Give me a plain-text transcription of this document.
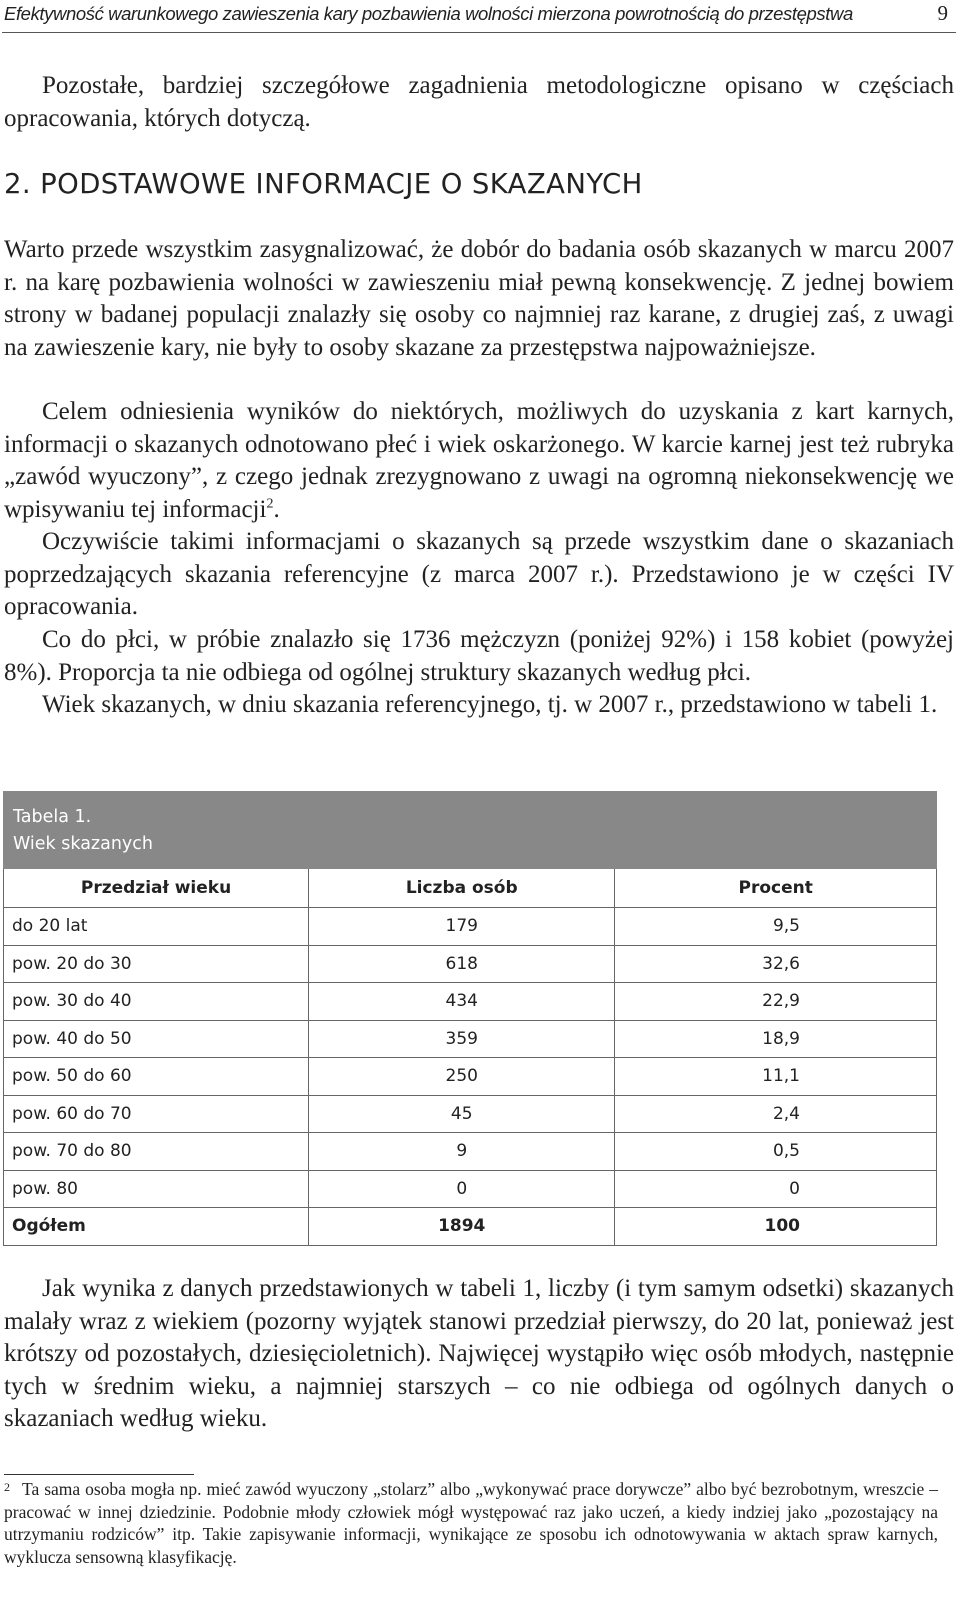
Efektywność warunkowego zawieszenia kary pozbawienia wolności mierzona powrotnością do przestępstwa	9

Pozostałe, bardziej szczegółowe zagadnienia metodologiczne opisano w częściach opracowania, których dotyczą.

2. PODSTAWOWE INFORMACJE O SKAZANYCH

Warto przede wszystkim zasygnalizować, że dobór do badania osób skazanych w marcu 2007 r. na karę pozbawienia wolności w zawieszeniu miał pewną konsekwencję. Z jednej bowiem strony w badanej populacji znalazły się osoby co najmniej raz karane, z drugiej zaś, z uwagi na zawieszenie kary, nie były to osoby skazane za przestępstwa najpoważniejsze.

Celem odniesienia wyników do niektórych, możliwych do uzyskania z kart karnych, informacji o skazanych odnotowano płeć i wiek oskarżonego. W karcie karnej jest też rubryka „zawód wyuczony”, z czego jednak zrezygnowano z uwagi na ogromną niekonsekwencję we wpisywaniu tej informacji$^2$.

Oczywiście takimi informacjami o skazanych są przede wszystkim dane o skazaniach poprzedzających skazania referencyjne (z marca 2007 r.). Przedstawiono je w części IV opracowania.

Co do płci, w próbie znalazło się 1736 mężczyzn (poniżej 92%) i 158 kobiet (powyżej 8%). Proporcja ta nie odbiega od ogólnej struktury skazanych według płci.

Wiek skazanych, w dniu skazania referencyjnego, tj. w 2007 r., przedstawiono w tabeli 1.

Tabela 1.
Wiek skazanych
Przedział wieku	Liczba osób	Procent
do 20 lat	179	9,5
pow. 20 do 30	618	32,6
pow. 30 do 40	434	22,9
pow. 40 do 50	359	18,9
pow. 50 do 60	250	11,1
pow. 60 do 70	45	2,4
pow. 70 do 80	9	0,5
pow. 80	0	0
Ogółem	1894	100

Jak wynika z danych przedstawionych w tabeli 1, liczby (i tym samym odsetki) skazanych malały wraz z wiekiem (pozorny wyjątek stanowi przedział pierwszy, do 20 lat, ponieważ jest krótszy od pozostałych, dziesięcioletnich). Najwięcej wystąpiło więc osób młodych, następnie tych w średnim wieku, a najmniej starszych – co nie odbiega od ogólnych danych o skazaniach według wieku.

2 Ta sama osoba mogła np. mieć zawód wyuczony „stolarz” albo „wykonywać prace dorywcze” albo być bezrobotnym, wreszcie – pracować w innej dziedzinie. Podobnie młody człowiek mógł występować raz jako uczeń, a kiedy indziej jako „pozostający na utrzymaniu rodziców” itp. Takie zapisywanie informacji, wynikające ze sposobu ich odnotowywania w aktach spraw karnych, wyklucza sensowną klasyfikację.
